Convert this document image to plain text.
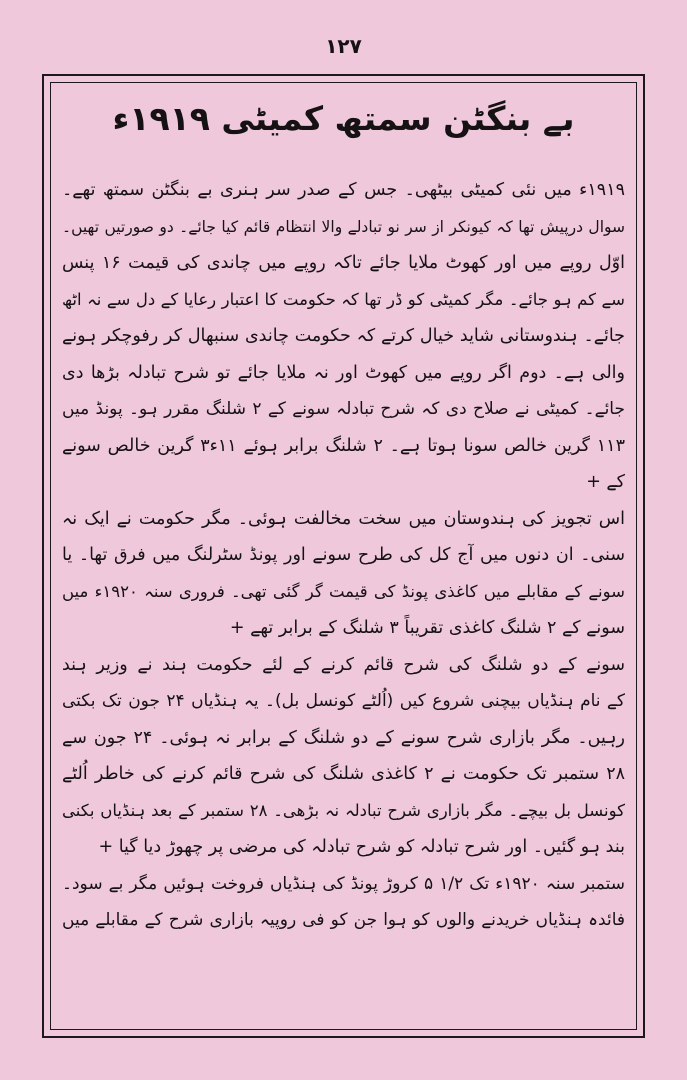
١٢٧
بے بنگٹن سمتھ کمیٹی ۱۹۱۹ء
۱۹۱۹ء میں نئی کمیٹی بیٹھی۔ جس کے صدر سر ہنری بے بنگٹن سمتھ تھے۔
سوال درپیش تھا کہ کیونکر از سر نو تبادلے والا انتظام قائم کیا جائے۔ دو صورتیں تھیں۔
اوّل روپے میں اور کھوٹ ملایا جائے تاکہ روپے میں چاندی کی قیمت ۱۶ پنس
سے کم ہو جائے۔ مگر کمیٹی کو ڈر تھا کہ حکومت کا اعتبار رعایا کے دل سے نہ اٹھ
جائے۔ ہندوستانی شاید خیال کرتے کہ حکومت چاندی سنبھال کر رفوچکر ہونے
والی ہے۔ دوم اگر روپے میں کھوٹ اور نہ ملایا جائے تو شرح تبادلہ بڑھا دی
جائے۔ کمیٹی نے صلاح دی کہ شرح تبادلہ سونے کے ۲ شلنگ مقرر ہو۔ پونڈ میں
۱۱۳ گرین خالص سونا ہوتا ہے۔ ۲ شلنگ برابر ہوئے ۱۱ء۳ گرین خالص سونے
کے +
اس تجویز کی ہندوستان میں سخت مخالفت ہوئی۔ مگر حکومت نے ایک نہ
سنی۔ ان دنوں میں آج کل کی طرح سونے اور پونڈ سٹرلنگ میں فرق تھا۔ یا
سونے کے مقابلے میں کاغذی پونڈ کی قیمت گر گئی تھی۔ فروری سنہ ۱۹۲۰ء میں
سونے کے ۲ شلنگ کاغذی تقریباً ۳ شلنگ کے برابر تھے +
سونے کے دو شلنگ کی شرح قائم کرنے کے لئے حکومت ہند نے وزیر ہند
کے نام ہنڈیاں بیچنی شروع کیں (اُلٹے کونسل بل)۔ یہ ہنڈیاں ۲۴ جون تک بکتی
رہیں۔ مگر بازاری شرح سونے کے دو شلنگ کے برابر نہ ہوئی۔ ۲۴ جون سے
۲۸ ستمبر تک حکومت نے ۲ کاغذی شلنگ کی شرح قائم کرنے کی خاطر اُلٹے
کونسل بل بیچے۔ مگر بازاری شرح تبادلہ نہ بڑھی۔ ۲۸ ستمبر کے بعد ہنڈیاں بکنی
بند ہو گئیں۔ اور شرح تبادلہ کو شرح تبادلہ کی مرضی پر چھوڑ دیا گیا +
ستمبر سنہ ۱۹۲۰ء تک ۱/۲ ۵ کروڑ پونڈ کی ہنڈیاں فروخت ہوئیں مگر بے سود۔
فائدہ ہنڈیاں خریدنے والوں کو ہوا جن کو فی روپیہ بازاری شرح کے مقابلے میں
